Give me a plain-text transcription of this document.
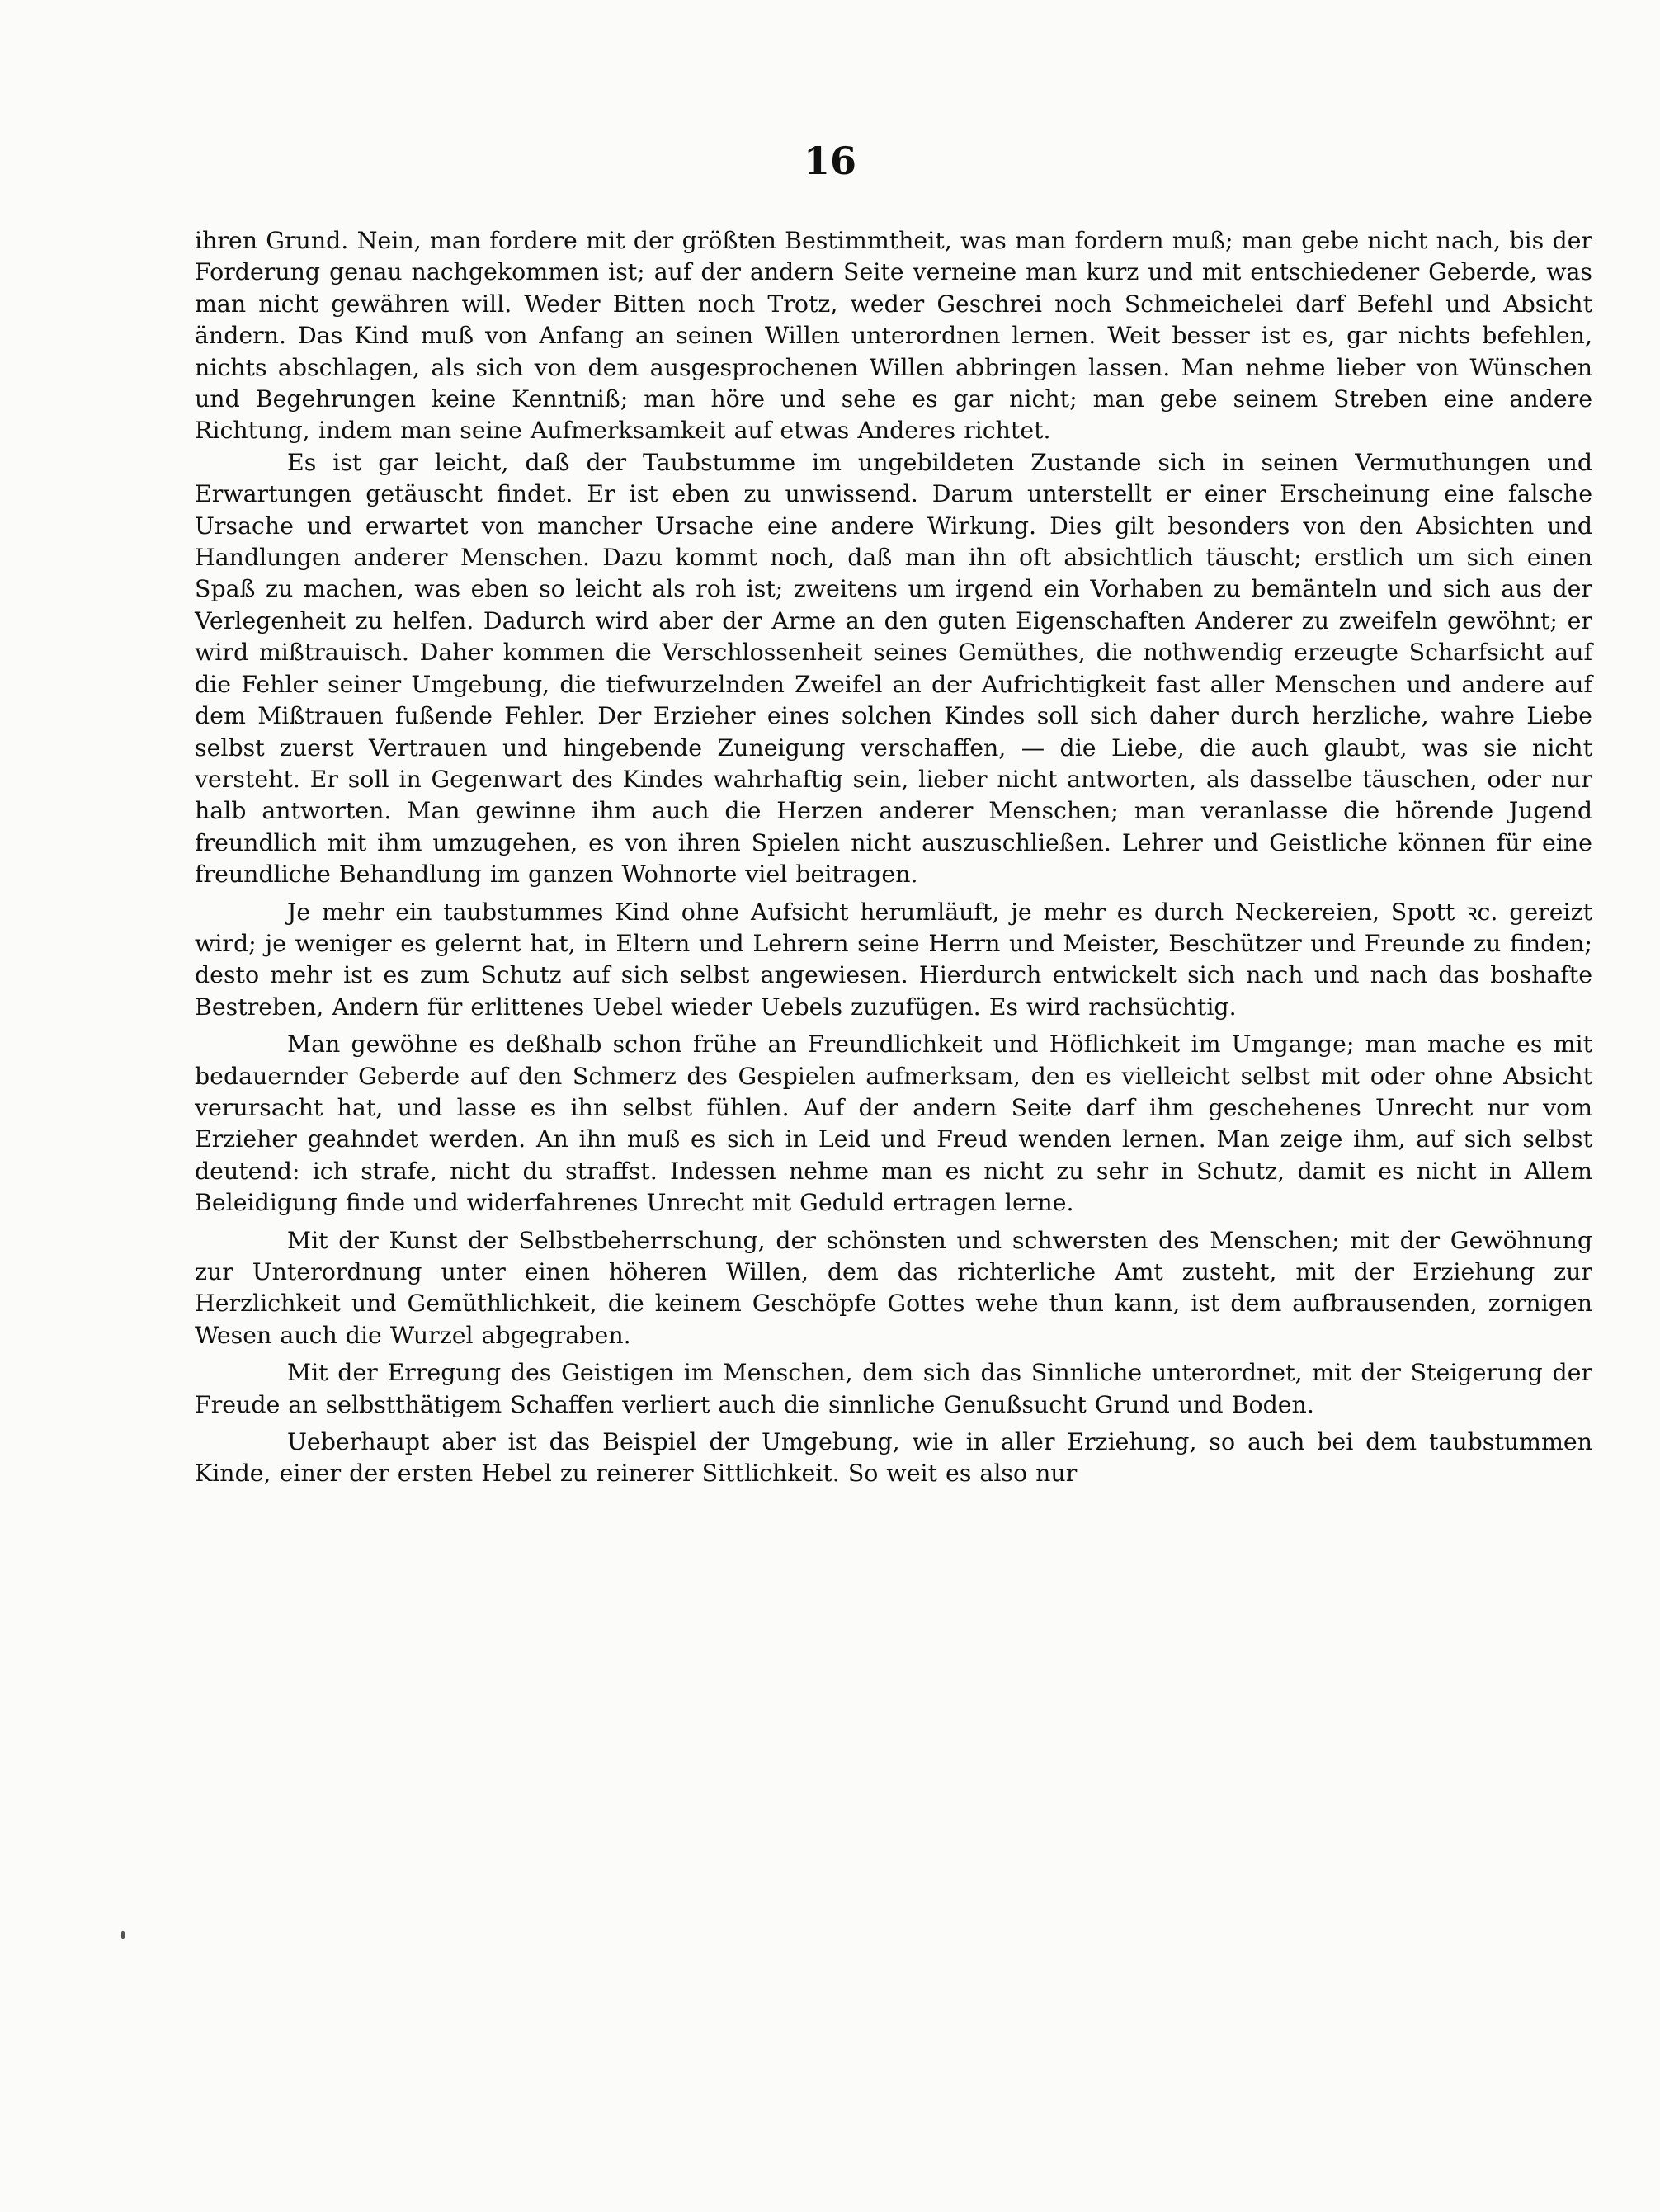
16

ihren Grund. Nein, man fordere mit der größten Bestimmtheit, was man fordern muß; man gebe nicht nach, bis der Forderung genau nachgekommen ist; auf der andern Seite verneine man kurz und mit entschiedener Geberde, was man nicht gewähren will. Weder Bitten noch Trotz, weder Geschrei noch Schmeichelei darf Befehl und Absicht ändern. Das Kind muß von Anfang an seinen Willen unterordnen lernen. Weit besser ist es, gar nichts befehlen, nichts abschlagen, als sich von dem ausgesprochenen Willen abbringen lassen. Man nehme lieber von Wünschen und Begehrungen keine Kenntniß; man höre und sehe es gar nicht; man gebe seinem Streben eine andere Richtung, indem man seine Aufmerksamkeit auf etwas Anderes richtet.

Es ist gar leicht, daß der Taubstumme im ungebildeten Zustande sich in seinen Vermuthungen und Erwartungen getäuscht findet. Er ist eben zu unwissend. Darum unterstellt er einer Erscheinung eine falsche Ursache und erwartet von mancher Ursache eine andere Wirkung. Dies gilt besonders von den Absichten und Handlungen anderer Menschen. Dazu kommt noch, daß man ihn oft absichtlich täuscht; erstlich um sich einen Spaß zu machen, was eben so leicht als roh ist; zweitens um irgend ein Vorhaben zu bemänteln und sich aus der Verlegenheit zu helfen. Dadurch wird aber der Arme an den guten Eigenschaften Anderer zu zweifeln gewöhnt; er wird mißtrauisch. Daher kommen die Verschlossenheit seines Gemüthes, die nothwendig erzeugte Scharfsicht auf die Fehler seiner Umgebung, die tiefwurzelnden Zweifel an der Aufrichtigkeit fast aller Menschen und andere auf dem Mißtrauen fußende Fehler. Der Erzieher eines solchen Kindes soll sich daher durch herzliche, wahre Liebe selbst zuerst Vertrauen und hingebende Zuneigung verschaffen, — die Liebe, die auch glaubt, was sie nicht versteht. Er soll in Gegenwart des Kindes wahrhaftig sein, lieber nicht antworten, als dasselbe täuschen, oder nur halb antworten. Man gewinne ihm auch die Herzen anderer Menschen; man veranlasse die hörende Jugend freundlich mit ihm umzugehen, es von ihren Spielen nicht auszuschließen. Lehrer und Geistliche können für eine freundliche Behandlung im ganzen Wohnorte viel beitragen.

Je mehr ein taubstummes Kind ohne Aufsicht herumläuft, je mehr es durch Neckereien, Spott ꝛc. gereizt wird; je weniger es gelernt hat, in Eltern und Lehrern seine Herrn und Meister, Beschützer und Freunde zu finden; desto mehr ist es zum Schutz auf sich selbst angewiesen. Hierdurch entwickelt sich nach und nach das boshafte Bestreben, Andern für erlittenes Uebel wieder Uebels zuzufügen. Es wird rachsüchtig.

Man gewöhne es deßhalb schon frühe an Freundlichkeit und Höflichkeit im Umgange; man mache es mit bedauernder Geberde auf den Schmerz des Gespielen aufmerksam, den es vielleicht selbst mit oder ohne Absicht verursacht hat, und lasse es ihn selbst fühlen. Auf der andern Seite darf ihm geschehenes Unrecht nur vom Erzieher geahndet werden. An ihn muß es sich in Leid und Freud wenden lernen. Man zeige ihm, auf sich selbst deutend: ich strafe, nicht du straffst. Indessen nehme man es nicht zu sehr in Schutz, damit es nicht in Allem Beleidigung finde und widerfahrenes Unrecht mit Geduld ertragen lerne.

Mit der Kunst der Selbstbeherrschung, der schönsten und schwersten des Menschen; mit der Gewöhnung zur Unterordnung unter einen höheren Willen, dem das richterliche Amt zusteht, mit der Erziehung zur Herzlichkeit und Gemüthlichkeit, die keinem Geschöpfe Gottes wehe thun kann, ist dem aufbrausenden, zornigen Wesen auch die Wurzel abgegraben.

Mit der Erregung des Geistigen im Menschen, dem sich das Sinnliche unterordnet, mit der Steigerung der Freude an selbstthätigem Schaffen verliert auch die sinnliche Genußsucht Grund und Boden.

Ueberhaupt aber ist das Beispiel der Umgebung, wie in aller Erziehung, so auch bei dem taubstummen Kinde, einer der ersten Hebel zu reinerer Sittlichkeit. So weit es also nur
